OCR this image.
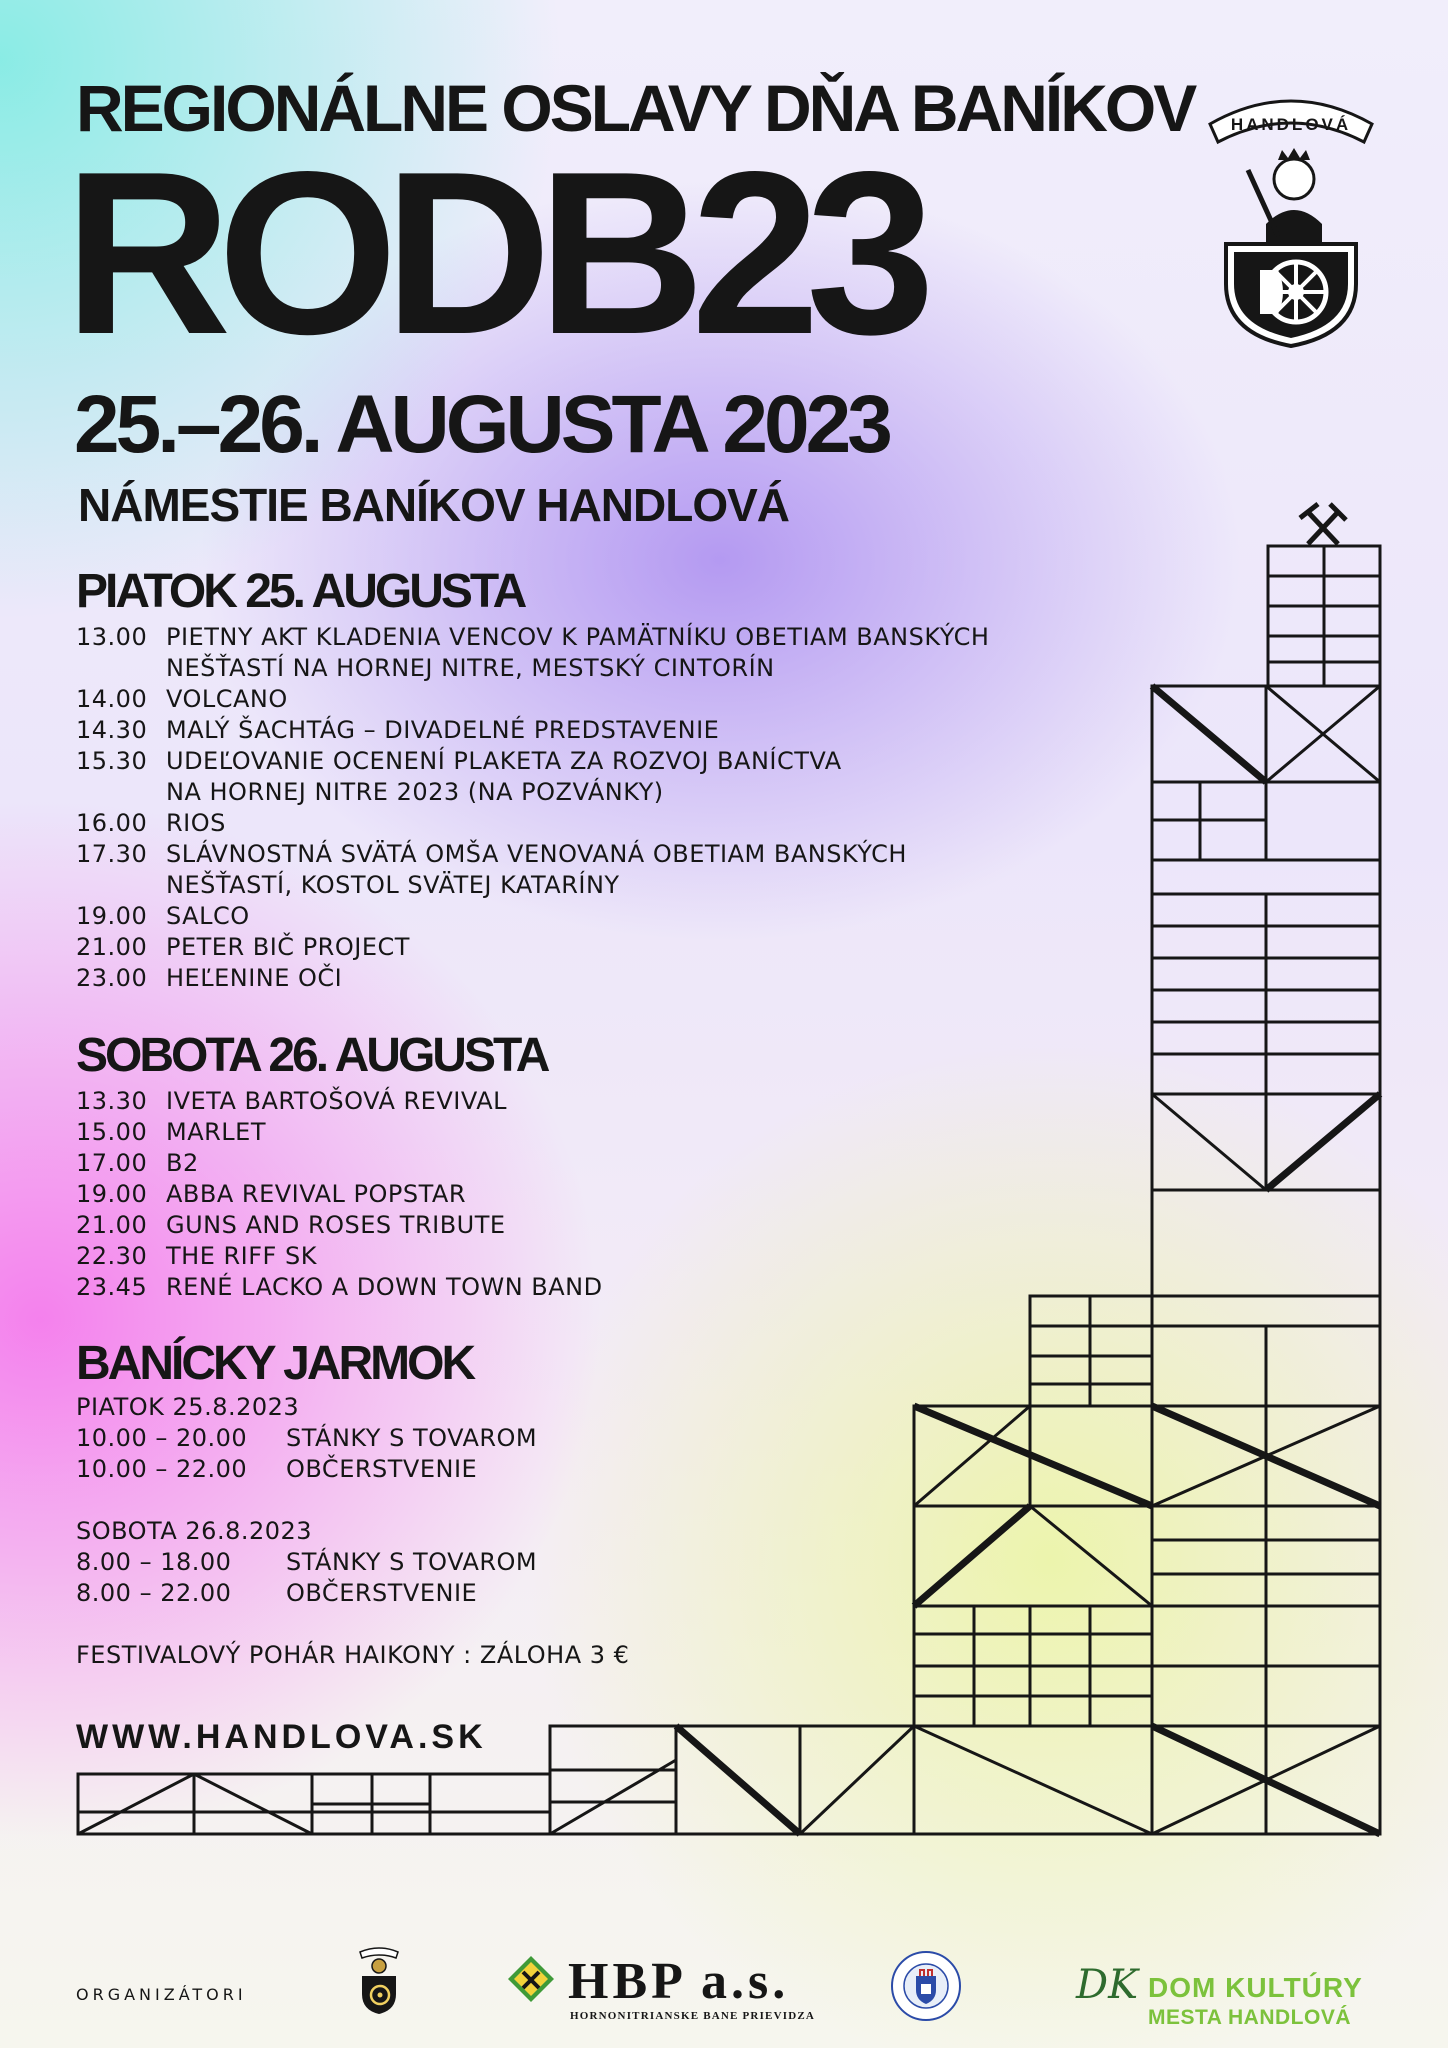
REGIONÁLNE OSLAVY DŇA BANÍKOV
RODB23
25.–26. AUGUSTA 2023
NÁMESTIE BANÍKOV HANDLOVÁ
HANDLOVÁ
PIATOK 25. AUGUSTA
13.00 PIETNY AKT KLADENIA VENCOV K PAMÄTNÍKU OBETIAM BANSKÝCH
NEŠŤASTÍ NA HORNEJ NITRE, MESTSKÝ CINTORÍN
14.00 VOLCANO
14.30 MALÝ ŠACHTÁG – DIVADELNÉ PREDSTAVENIE
15.30 UDEĽOVANIE OCENENÍ PLAKETA ZA ROZVOJ BANÍCTVA
NA HORNEJ NITRE 2023 (NA POZVÁNKY)
16.00 RIOS
17.30 SLÁVNOSTNÁ SVÄTÁ OMŠA VENOVANÁ OBETIAM BANSKÝCH
NEŠŤASTÍ, KOSTOL SVÄTEJ KATARÍNY
19.00 SALCO
21.00 PETER BIČ PROJECT
23.00 HEĽENINE OČI
SOBOTA 26. AUGUSTA
13.30 IVETA BARTOŠOVÁ REVIVAL
15.00 MARLET
17.00 B2
19.00 ABBA REVIVAL POPSTAR
21.00 GUNS AND ROSES TRIBUTE
22.30 THE RIFF SK
23.45 RENÉ LACKO A DOWN TOWN BAND
BANÍCKY JARMOK
PIATOK 25.8.2023
10.00 – 20.00	STÁNKY S TOVAROM
10.00 – 22.00	OBČERSTVENIE
SOBOTA 26.8.2023
8.00 – 18.00	STÁNKY S TOVAROM
8.00 – 22.00	OBČERSTVENIE
FESTIVALOVÝ POHÁR HAIKONY : ZÁLOHA 3 €
WWW.HANDLOVA.SK
ORGANIZÁTORI	HBP a.s.
HORNONITRIANSKE BANE PRIEVIDZA
DK DOM KULTÚRY
MESTA HANDLOVÁ
